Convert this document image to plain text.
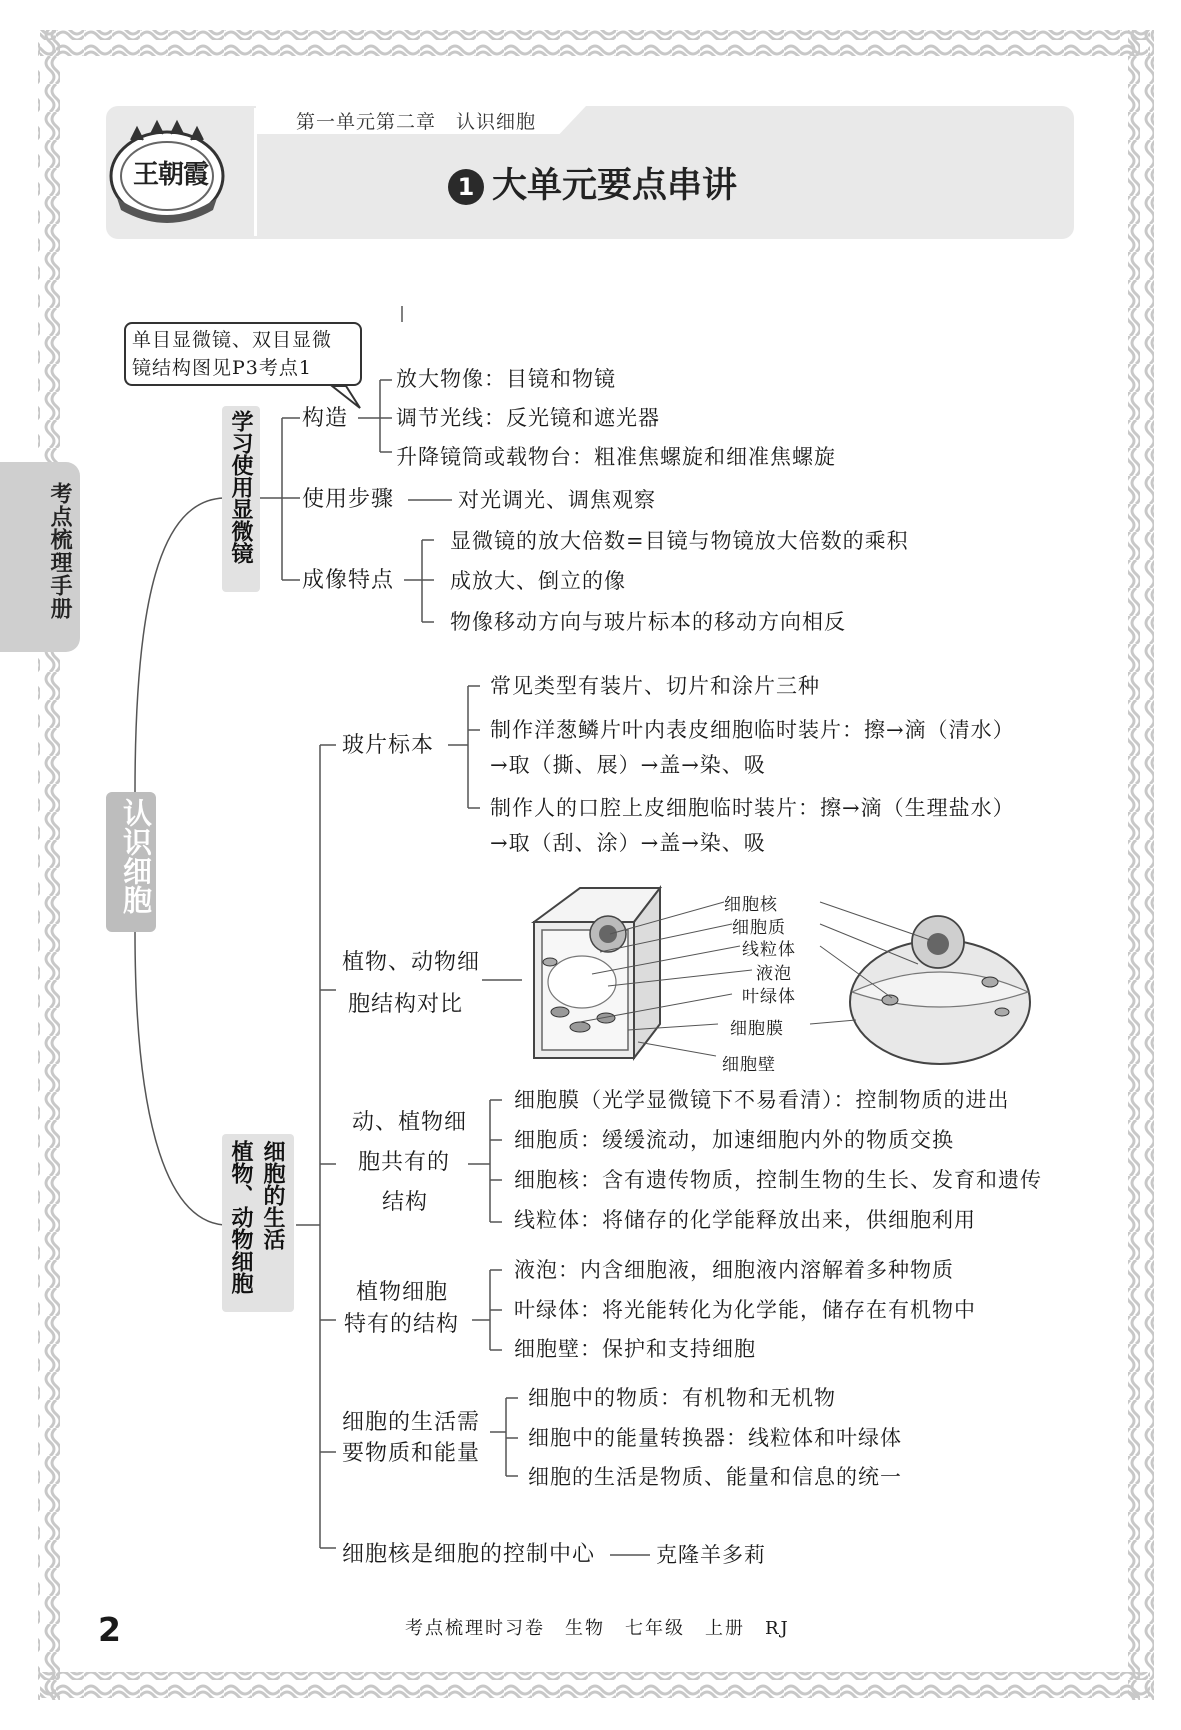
第一单元第二章　认识细胞
1 大单元要点串讲
王朝霞
考点梳理手册
认识细胞
单目显微镜、双目显微
镜结构图见P3考点1
学习使用显微镜 构造
放大物像：目镜和物镜
调节光线：反光镜和遮光器
升降镜筒或载物台：粗准焦螺旋和细准焦螺旋
使用步骤	对光调光、调焦观察
成像特点
显微镜的放大倍数=目镜与物镜放大倍数的乘积
成放大、倒立的像
物像移动方向与玻片标本的移动方向相反
细胞的生活
植物、动物细胞
玻片标本
常见类型有装片、切片和涂片三种
制作洋葱鳞片叶内表皮细胞临时装片：擦→滴（清水）
→取（撕、展）→盖→染、吸
制作人的口腔上皮细胞临时装片：擦→滴（生理盐水）
→取（刮、涂）→盖→染、吸
植物、动物细
胞结构对比
细胞核
细胞质
线粒体
液泡
叶绿体
细胞膜
细胞壁
动、植物细
胞共有的
结构
细胞膜（光学显微镜下不易看清）：控制物质的进出
细胞质：缓缓流动，加速细胞内外的物质交换
细胞核：含有遗传物质，控制生物的生长、发育和遗传
线粒体：将储存的化学能释放出来，供细胞利用
植物细胞
特有的结构
液泡：内含细胞液，细胞液内溶解着多种物质
叶绿体：将光能转化为化学能，储存在有机物中
细胞壁：保护和支持细胞
细胞的生活需
要物质和能量
细胞中的物质：有机物和无机物
细胞中的能量转换器：线粒体和叶绿体
细胞的生活是物质、能量和信息的统一
细胞核是细胞的控制中心	克隆羊多莉
2	考点梳理时习卷　生物　七年级　上册　RJ
